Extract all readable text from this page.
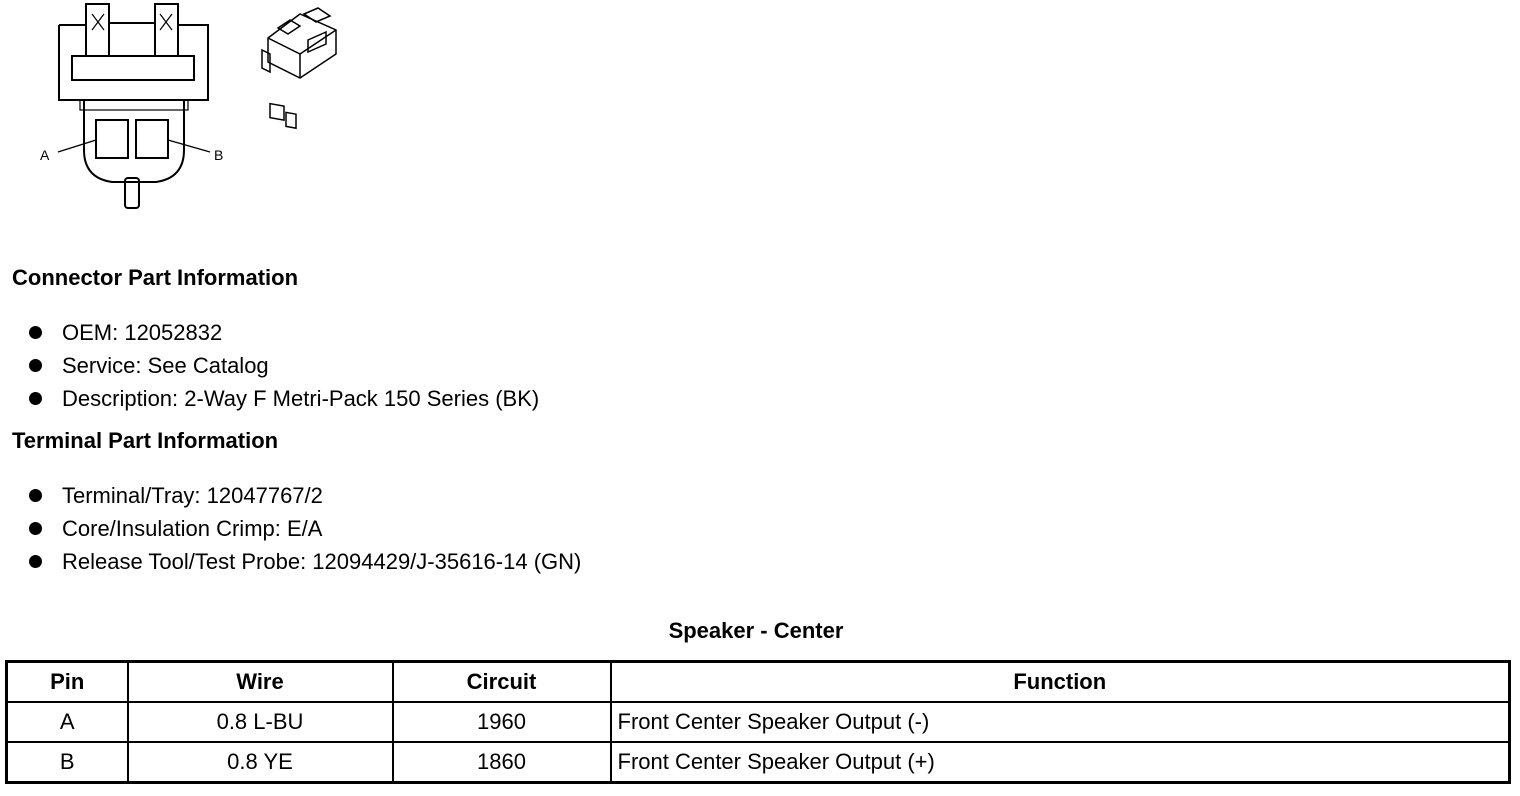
A	B
Connector Part Information
OEM: 12052832
Service: See Catalog
Description: 2-Way F Metri-Pack 150 Series (BK)
Terminal Part Information
Terminal/Tray: 12047767/2
Core/Insulation Crimp: E/A
Release Tool/Test Probe: 12094429/J-35616-14 (GN)
Speaker - Center
Pin	Wire	Circuit	Function
A	0.8 L-BU	1960	Front Center Speaker Output (-)
B	0.8 YE	1860	Front Center Speaker Output (+)
